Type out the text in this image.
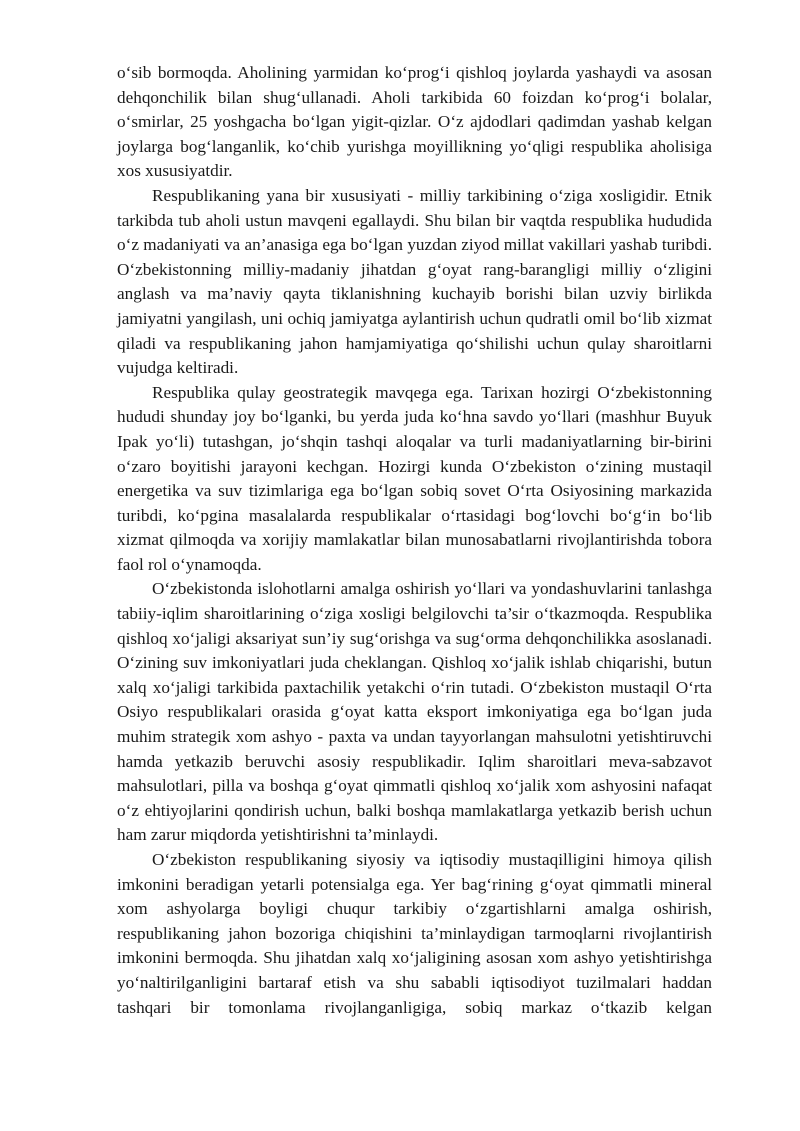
o‘sib bormoqda. Aholining yarmidan ko‘prog‘i qishloq joylarda yashaydi va asosan dehqonchilik bilan shug‘ullanadi. Aholi tarkibida 60 foizdan ko‘prog‘i bolalar, o‘smirlar, 25 yoshgacha bo‘lgan yigit-qizlar. O‘z ajdodlari qadimdan yashab kelgan joylarga bog‘langanlik, ko‘chib yurishga moyillikning yo‘qligi respublika aholisiga xos xususiyatdir.

Respublikaning yana bir xususiyati - milliy tarkibining o‘ziga xosligidir. Etnik tarkibda tub aholi ustun mavqeni egallaydi. Shu bilan bir vaqtda respublika hududida o‘z madaniyati va an’anasiga ega bo‘lgan yuzdan ziyod millat vakillari yashab turibdi. O‘zbekistonning milliy-madaniy jihatdan g‘oyat rang-barangligi milliy o‘zligini anglash va ma’naviy qayta tiklanishning kuchayib borishi bilan uzviy birlikda jamiyatni yangilash, uni ochiq jamiyatga aylantirish uchun qudratli omil bo‘lib xizmat qiladi va respublikaning jahon hamjamiyatiga qo‘shilishi uchun qulay sharoitlarni vujudga keltiradi.

Respublika qulay geostrategik mavqega ega. Tarixan hozirgi O‘zbekistonning hududi shunday joy bo‘lganki, bu yerda juda ko‘hna savdo yo‘llari (mashhur Buyuk Ipak yo‘li) tutashgan, jo‘shqin tashqi aloqalar va turli madaniyatlarning bir-birini o‘zaro boyitishi jarayoni kechgan. Hozirgi kunda O‘zbekiston o‘zining mustaqil energetika va suv tizimlariga ega bo‘lgan sobiq sovet O‘rta Osiyosining markazida turibdi, ko‘pgina masalalarda respublikalar o‘rtasidagi bog‘lovchi bo‘g‘in bo‘lib xizmat qilmoqda va xorijiy mamlakatlar bilan munosabatlarni rivojlantirishda tobora faol rol o‘ynamoqda.

O‘zbekistonda islohotlarni amalga oshirish yo‘llari va yondashuvlarini tanlashga tabiiy-iqlim sharoitlarining o‘ziga xosligi belgilovchi ta’sir o‘tkazmoqda. Respublika qishloq xo‘jaligi aksariyat sun’iy sug‘orishga va sug‘orma dehqonchilikka asoslanadi. O‘zining suv imkoniyatlari juda cheklangan. Qishloq xo‘jalik ishlab chiqarishi, butun xalq xo‘jaligi tarkibida paxtachilik yetakchi o‘rin tutadi. O‘zbekiston mustaqil O‘rta Osiyo respublikalari orasida g‘oyat katta eksport imkoniyatiga ega bo‘lgan juda muhim strategik xom ashyo - paxta va undan tayyorlangan mahsulotni yetishtiruvchi hamda yetkazib beruvchi asosiy respublikadir. Iqlim sharoitlari meva-sabzavot mahsulotlari, pilla va boshqa g‘oyat qimmatli qishloq xo‘jalik xom ashyosini nafaqat o‘z ehtiyojlarini qondirish uchun, balki boshqa mamlakatlarga yetkazib berish uchun ham zarur miqdorda yetishtirishni ta’minlaydi.

O‘zbekiston respublikaning siyosiy va iqtisodiy mustaqilligini himoya qilish imkonini beradigan yetarli potensialga ega. Yer bag‘rining g‘oyat qimmatli mineral xom ashyolarga boyligi chuqur tarkibiy o‘zgartishlarni amalga oshirish, respublikaning jahon bozoriga chiqishini ta’minlaydigan tarmoqlarni rivojlantirish imkonini bermoqda. Shu jihatdan xalq xo‘jaligining asosan xom ashyo yetishtirishga yo‘naltirilganligini bartaraf etish va shu sababli iqtisodiyot tuzilmalari haddan tashqari bir tomonlama rivojlanganligiga, sobiq markaz o‘tkazib kelgan
